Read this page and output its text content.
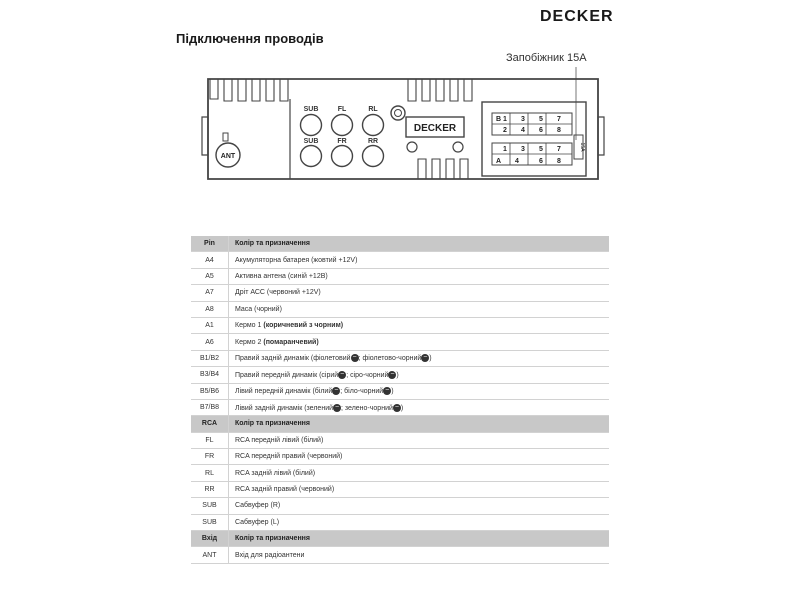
DECKER
Підключення проводів
Запобіжник 15A
ANT
SUB	FL	RL
SUB	FR	RR
DECKER
B
A
15A
1 3 5 7
2 4 6 8
1 3 5 7
4	6 8
Pin	Колір та призначення
A4	Акумуляторна батарея (жовтий +12V)
A5	Активна антена (синій +12В)
A7	Дріт АСС (червоний +12V)
A8	Маса (чорний)
A1	Кермо 1 (коричневий з чорним)
A6	Кермо 2 (помаранчевий)
B1/B2	Правий задній динамік (фіолетовий − ; фіолетово-чорний − )
B3/B4	Правий передній динамік (сірий − ; сіро-чорний − )
B5/B6	Лівий передній динамік (білий − ; біло-чорний − )
B7/B8	Лівий задній динамік (зелений − ; зелено-чорний − )
RCA	Колір та призначення
FL	RCA передній лівий (білий)
FR	RCA передній правий (червоний)
RL	RCA задній лівий (білий)
RR	RCA задній правий (червоний)
SUB	Сабвуфер (R)
SUB	Сабвуфер (L)
Вхід	Колір та призначення
ANT	Вхід для радіоантени
